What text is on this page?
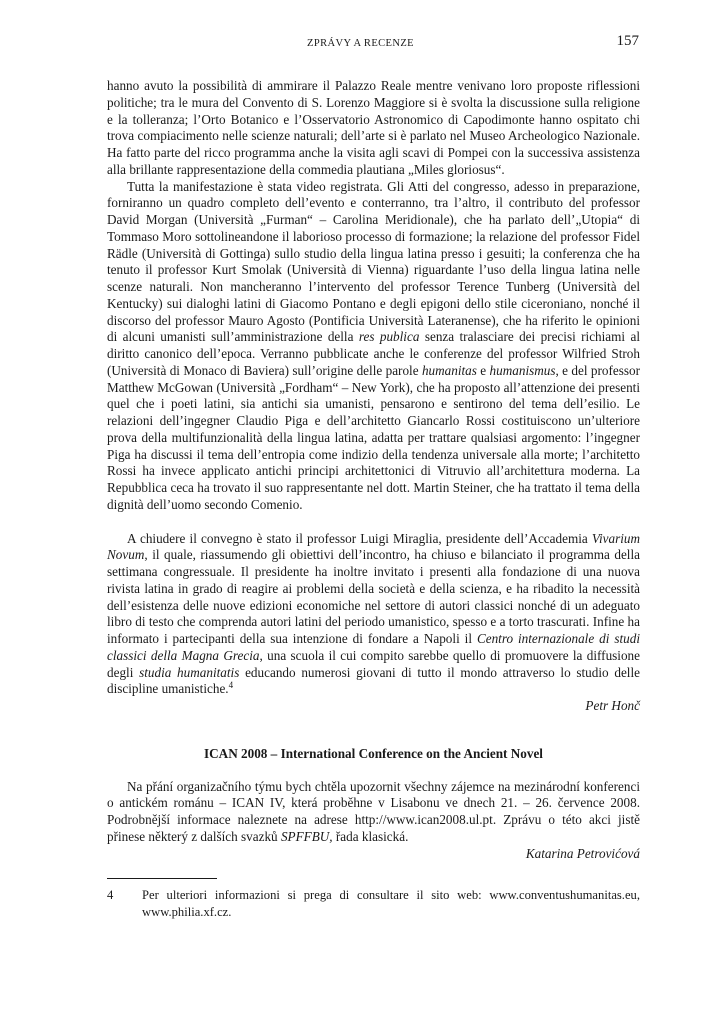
ZPRÁVY A RECENZE	157

hanno avuto la possibilità di ammirare il Palazzo Reale mentre venivano loro proposte riflessioni politiche; tra le mura del Convento di S. Lorenzo Maggiore si è svolta la discussione sulla religione e la tolleranza; l’Orto Botanico e l’Osservatorio Astronomico di Capodimonte hanno ospitato chi trova compiacimento nelle scienze naturali; dell’arte si è parlato nel Museo Archeologico Nazionale. Ha fatto parte del ricco programma anche la visita agli scavi di Pompei con la successiva assistenza alla brillante rappresentazione della commedia plautiana „Miles gloriosus“.

Tutta la manifestazione è stata video registrata. Gli Atti del congresso, adesso in preparazione, forniranno un quadro completo dell’evento e conterranno, tra l’altro, il contributo del professor David Morgan (Università „Furman“ – Carolina Meridionale), che ha parlato dell’„Utopia“ di Tommaso Moro sottolineandone il laborioso processo di formazione; la relazione del professor Fidel Rädle (Università di Gottinga) sullo studio della lingua latina presso i gesuiti; la conferenza che ha tenuto il professor Kurt Smolak (Università di Vienna) riguardante l’uso della lingua latina nelle scenze naturali. Non mancheranno l’intervento del professor Terence Tunberg (Università del Kentucky) sui dialoghi latini di Giacomo Pontano e degli epigoni dello stile ciceroniano, nonché il discorso del professor Mauro Agosto (Pontificia Università Lateranense), che ha riferito le opinioni di alcuni umanisti sull’amministrazione della res publica senza tralasciare dei precisi richiami al diritto canonico dell’epoca. Verranno pubblicate anche le conferenze del professor Wilfried Stroh (Università di Monaco di Baviera) sull’origine delle parole humanitas e humanismus, e del professor Matthew McGowan (Università „Fordham“ – New York), che ha proposto all’attenzione dei presenti quel che i poeti latini, sia antichi sia umanisti, pensarono e sentirono del tema dell’esilio. Le relazioni dell’ingegner Claudio Piga e dell’architetto Giancarlo Rossi costituiscono un’ulteriore prova della multifunzionalità della lingua latina, adatta per trattare qualsiasi argomento: l’ingegner Piga ha discussi il tema dell’entropia come indizio della tendenza universale alla morte; l’architetto Rossi ha invece applicato antichi principi architettonici di Vitruvio all’architettura moderna. La Repubblica ceca ha trovato il suo rappresentante nel dott. Martin Steiner, che ha trattato il tema della dignità dell’uomo secondo Comenio.

A chiudere il convegno è stato il professor Luigi Miraglia, presidente dell’Accademia Vivarium Novum, il quale, riassumendo gli obiettivi dell’incontro, ha chiuso e bilanciato il programma della settimana congressuale. Il presidente ha inoltre invitato i presenti alla fondazione di una nuova rivista latina in grado di reagire ai problemi della società e della scienza, e ha ribadito la necessità dell’esistenza delle nuove edizioni economiche nel settore di autori classici nonché di un adeguato libro di testo che comprenda autori latini del periodo umanistico, spesso e a torto trascurati. Infine ha informato i partecipanti della sua intenzione di fondare a Napoli il Centro internazionale di studi classici della Magna Grecia, una scuola il cui compito sarebbe quello di promuovere la diffusione degli studia humanitatis educando numerosi giovani di tutto il mondo attraverso lo studio delle discipline umanistiche.$^4$

Petr Honč

ICAN 2008 – International Conference on the Ancient Novel

Na přání organizačního týmu bych chtěla upozornit všechny zájemce na mezinárodní konferenci o antickém románu – ICAN IV, která proběhne v Lisabonu ve dnech 21. – 26. července 2008. Podrobnější informace naleznete na adrese http://www.ican2008.ul.pt. Zprávu o této akci jistě přinese některý z dalších svazků SPFFBU, řada klasická.

Katarina Petrovićová

4 Per ulteriori informazioni si prega di consultare il sito web: www.conventushumanitas.eu, www.philia.xf.cz.
